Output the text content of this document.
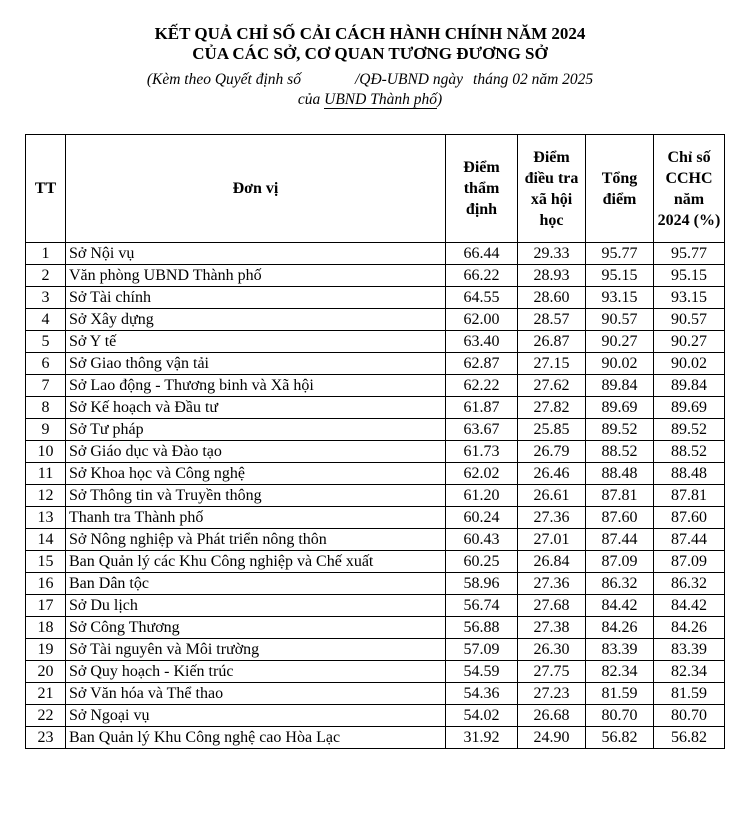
KẾT QUẢ CHỈ SỐ CẢI CÁCH HÀNH CHÍNH NĂM 2024
CỦA CÁC SỞ, CƠ QUAN TƯƠNG ĐƯƠNG SỞ
(Kèm theo Quyết định số	/QĐ-UBND ngày tháng 02 năm 2025
của UBND Thành phố)
TT	Đơn vị	Điểm thẩm định	Điểm điều tra xã hội học	Tổng điểm	Chỉ số CCHC năm 2024 (%)
1	Sở Nội vụ	66.44	29.33	95.77	95.77
2	Văn phòng UBND Thành phố	66.22	28.93	95.15	95.15
3	Sở Tài chính	64.55	28.60	93.15	93.15
4	Sở Xây dựng	62.00	28.57	90.57	90.57
5	Sở Y tế	63.40	26.87	90.27	90.27
6	Sở Giao thông vận tải	62.87	27.15	90.02	90.02
7	Sở Lao động - Thương binh và Xã hội	62.22	27.62	89.84	89.84
8	Sở Kế hoạch và Đầu tư	61.87	27.82	89.69	89.69
9	Sở Tư pháp	63.67	25.85	89.52	89.52
10	Sở Giáo dục và Đào tạo	61.73	26.79	88.52	88.52
11	Sở Khoa học và Công nghệ	62.02	26.46	88.48	88.48
12	Sở Thông tin và Truyền thông	61.20	26.61	87.81	87.81
13	Thanh tra Thành phố	60.24	27.36	87.60	87.60
14	Sở Nông nghiệp và Phát triển nông thôn	60.43	27.01	87.44	87.44
15	Ban Quản lý các Khu Công nghiệp và Chế xuất	60.25	26.84	87.09	87.09
16	Ban Dân tộc	58.96	27.36	86.32	86.32
17	Sở Du lịch	56.74	27.68	84.42	84.42
18	Sở Công Thương	56.88	27.38	84.26	84.26
19	Sở Tài nguyên và Môi trường	57.09	26.30	83.39	83.39
20	Sở Quy hoạch - Kiến trúc	54.59	27.75	82.34	82.34
21	Sở Văn hóa và Thể thao	54.36	27.23	81.59	81.59
22	Sở Ngoại vụ	54.02	26.68	80.70	80.70
23	Ban Quản lý Khu Công nghệ cao Hòa Lạc	31.92	24.90	56.82	56.82
